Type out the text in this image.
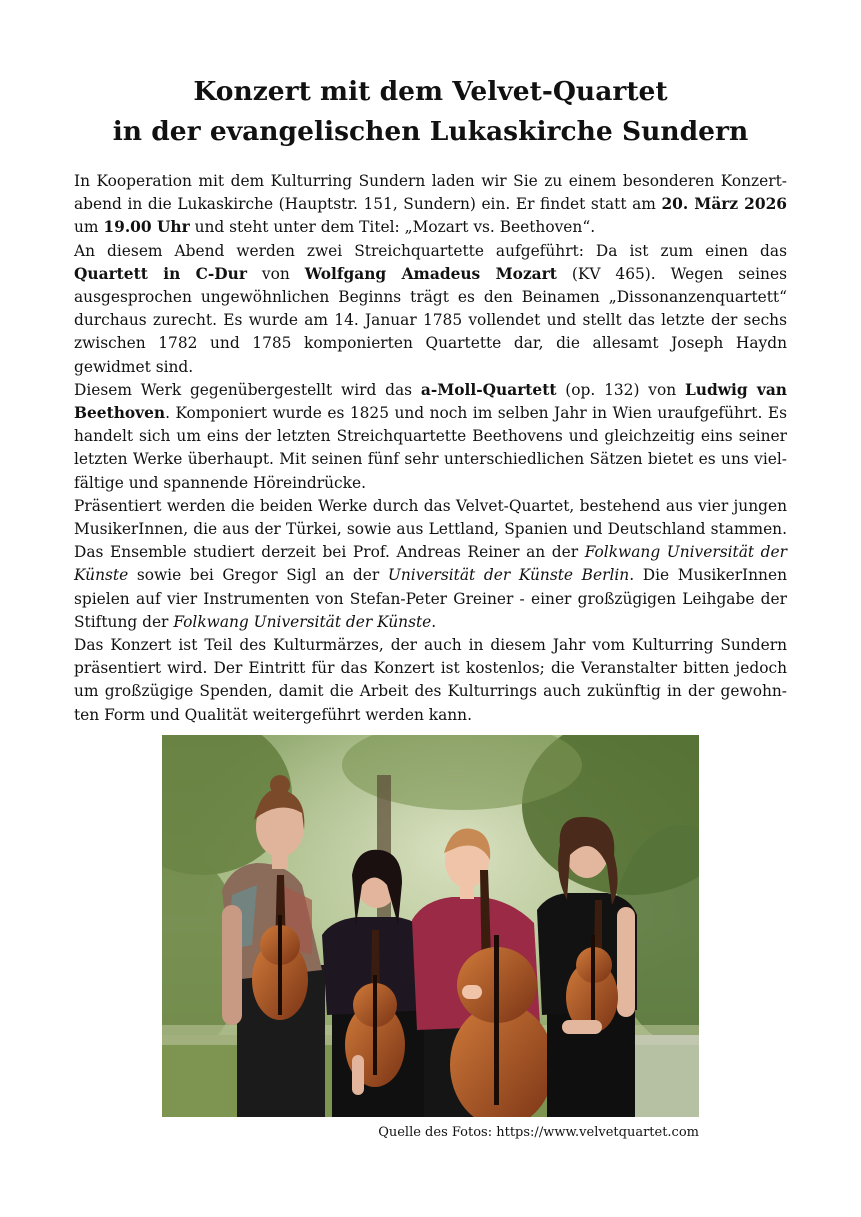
Konzert mit dem Velvet-Quartet
in der evangelischen Lukaskirche Sundern

In Kooperation mit dem Kulturring Sundern laden wir Sie zu einem besonderen Konzertabend in die Lukaskirche (Hauptstr. 151, Sundern) ein. Er findet statt am 20. März 2026 um 19.00 Uhr und steht unter dem Titel: „Mozart vs. Beethoven“.

An diesem Abend werden zwei Streichquartette aufgeführt: Da ist zum einen das Quartett in C-Dur von Wolfgang Amadeus Mozart (KV 465). Wegen seines ausgesprochen ungewöhnlichen Beginns trägt es den Beinamen „Dissonanzenquartett“ durchaus zurecht. Es wurde am 14. Januar 1785 vollendet und stellt das letzte der sechs zwischen 1782 und 1785 komponierten Quartette dar, die allesamt Joseph Haydn gewidmet sind.

Diesem Werk gegenübergestellt wird das a-Moll-Quartett (op. 132) von Ludwig van Beethoven. Komponiert wurde es 1825 und noch im selben Jahr in Wien uraufgeführt. Es handelt sich um eins der letzten Streichquartette Beethovens und gleichzeitig eins seiner letzten Werke überhaupt. Mit seinen fünf sehr unterschiedlichen Sätzen bietet es uns vielfältige und spannende Höreindrücke.

Präsentiert werden die beiden Werke durch das Velvet-Quartet, bestehend aus vier jungen MusikerInnen, die aus der Türkei, sowie aus Lettland, Spanien und Deutschland stammen. Das Ensemble studiert derzeit bei Prof. Andreas Reiner an der Folkwang Universität der Künste sowie bei Gregor Sigl an der Universität der Künste Berlin. Die MusikerInnen spielen auf vier Instrumenten von Stefan-Peter Greiner - einer großzügigen Leihgabe der Stiftung der Folkwang Universität der Künste.

Das Konzert ist Teil des Kulturmärzes, der auch in diesem Jahr vom Kulturring Sundern präsentiert wird. Der Eintritt für das Konzert ist kostenlos; die Veranstalter bitten jedoch um großzügige Spenden, damit die Arbeit des Kulturrings auch zukünftig in der gewohnten Form und Qualität weitergeführt werden kann.

Quelle des Fotos: https://www.velvetquartet.com
